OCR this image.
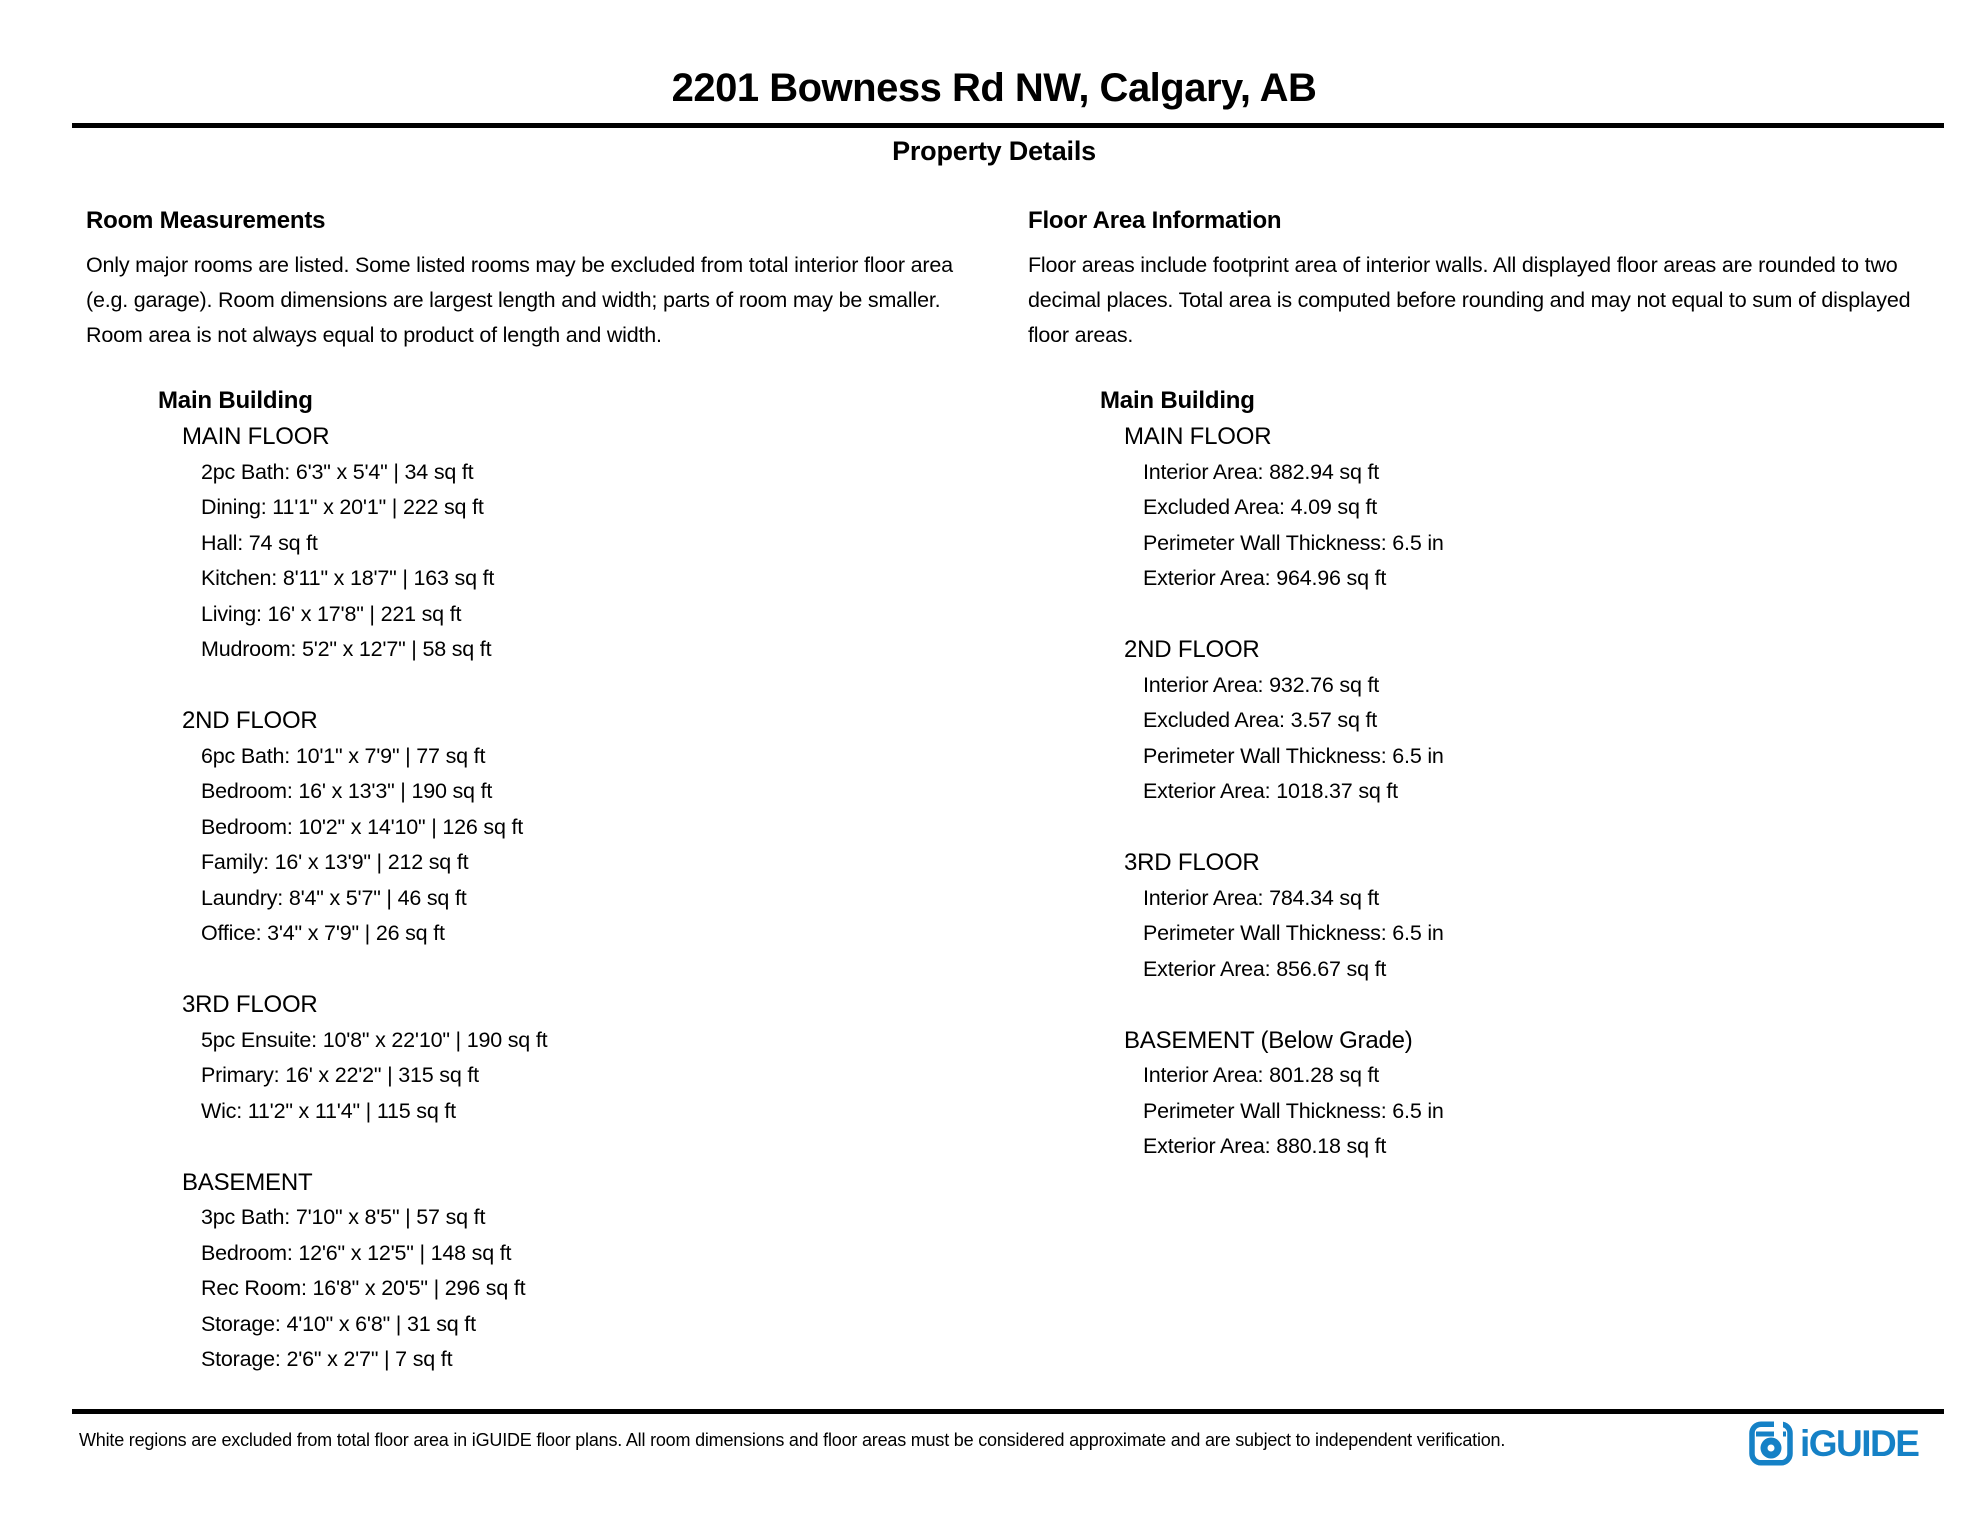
2201 Bowness Rd NW, Calgary, AB
Property Details
Room Measurements
Only major rooms are listed. Some listed rooms may be excluded from total interior floor area
(e.g. garage). Room dimensions are largest length and width; parts of room may be smaller.
Room area is not always equal to product of length and width.
Main Building
MAIN FLOOR
2pc Bath: 6'3" x 5'4" | 34 sq ft
Dining: 11'1" x 20'1" | 222 sq ft
Hall: 74 sq ft
Kitchen: 8'11" x 18'7" | 163 sq ft
Living: 16' x 17'8" | 221 sq ft
Mudroom: 5'2" x 12'7" | 58 sq ft
2ND FLOOR
6pc Bath: 10'1" x 7'9" | 77 sq ft
Bedroom: 16' x 13'3" | 190 sq ft
Bedroom: 10'2" x 14'10" | 126 sq ft
Family: 16' x 13'9" | 212 sq ft
Laundry: 8'4" x 5'7" | 46 sq ft
Office: 3'4" x 7'9" | 26 sq ft
3RD FLOOR
5pc Ensuite: 10'8" x 22'10" | 190 sq ft
Primary: 16' x 22'2" | 315 sq ft
Wic: 11'2" x 11'4" | 115 sq ft
BASEMENT
3pc Bath: 7'10" x 8'5" | 57 sq ft
Bedroom: 12'6" x 12'5" | 148 sq ft
Rec Room: 16'8" x 20'5" | 296 sq ft
Storage: 4'10" x 6'8" | 31 sq ft
Storage: 2'6" x 2'7" | 7 sq ft
Floor Area Information
Floor areas include footprint area of interior walls. All displayed floor areas are rounded to two
decimal places. Total area is computed before rounding and may not equal to sum of displayed
floor areas.
Main Building
MAIN FLOOR
Interior Area: 882.94 sq ft
Excluded Area: 4.09 sq ft
Perimeter Wall Thickness: 6.5 in
Exterior Area: 964.96 sq ft
2ND FLOOR
Interior Area: 932.76 sq ft
Excluded Area: 3.57 sq ft
Perimeter Wall Thickness: 6.5 in
Exterior Area: 1018.37 sq ft
3RD FLOOR
Interior Area: 784.34 sq ft
Perimeter Wall Thickness: 6.5 in
Exterior Area: 856.67 sq ft
BASEMENT (Below Grade)
Interior Area: 801.28 sq ft
Perimeter Wall Thickness: 6.5 in
Exterior Area: 880.18 sq ft
White regions are excluded from total floor area in iGUIDE floor plans. All room dimensions and floor areas must be considered approximate and are subject to independent verification.	iGUIDE
